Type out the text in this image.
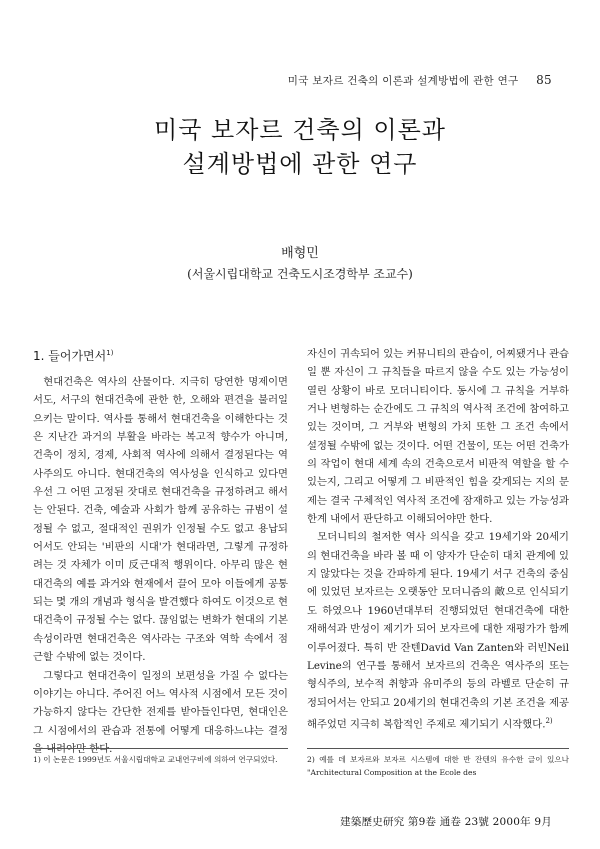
미국 보자르 건축의 이론과 설계방법에 관한 연구 85
미국 보자르 건축의 이론과
설계방법에 관한 연구
배형민
(서울시립대학교 건축도시조경학부 조교수)

1. 들어가면서$^{1)}$

현대건축은 역사의 산물이다. 지극히 당연한 명제이면서도, 서구의 현대건축에 관한 한, 오해와 편견을 불러일으키는 말이다. 역사를 통해서 현대건축을 이해한다는 것은 지난간 과거의 부활을 바라는 복고적 향수가 아니며, 건축이 정치, 경제, 사회적 역사에 의해서 결정된다는 역사주의도 아니다. 현대건축의 역사성을 인식하고 있다면 우선 그 어떤 고정된 잣대로 현대건축을 규정하려고 해서는 안된다. 건축, 예술과 사회가 함께 공유하는 규범이 설정될 수 없고, 절대적인 권위가 인정될 수도 없고 용납되어서도 안되는 '비판의 시대'가 현대라면, 그렇게 규정하려는 것 자체가 이미 反근대적 행위이다. 아무리 많은 현대건축의 예를 과거와 현재에서 끌어 모아 이들에게 공통되는 몇 개의 개념과 형식을 발견했다 하여도 이것으로 현대건축이 규정될 수는 없다. 끊임없는 변화가 현대의 기본 속성이라면 현대건축은 역사라는 구조와 역학 속에서 점근할 수밖에 없는 것이다.

그렇다고 현대건축이 일정의 보편성을 가질 수 없다는 이야기는 아니다. 주어진 어느 역사적 시점에서 모든 것이 가능하지 않다는 간단한 전제를 받아들인다면, 현대인은 그 시점에서의 관습과 전통에 어떻게 대응하느냐는 결정을 내려야만 한다.

자신이 귀속되어 있는 커뮤니티의 관습이, 어찌됐거나 관습일 뿐 자신이 그 규칙들을 따르지 않을 수도 있는 가능성이 열린 상황이 바로 모더니티이다. 동시에 그 규칙을 거부하거나 변형하는 순간에도 그 규칙의 역사적 조건에 참여하고 있는 것이며, 그 거부와 변형의 가치 또한 그 조건 속에서 설정될 수밖에 없는 것이다. 어떤 건물이, 또는 어떤 건축가의 작업이 현대 세계 속의 건축으로서 비판적 역할을 할 수 있는지, 그리고 어떻게 그 비판적인 힘을 갖게되는 지의 문제는 결국 구체적인 역사적 조건에 잠재하고 있는 가능성과 한계 내에서 판단하고 이해되어야만 한다.

모더니티의 철저한 역사 의식을 갖고 19세기와 20세기의 현대건축을 바라 볼 때 이 양자가 단순히 대치 관계에 있지 않았다는 것을 간파하게 된다. 19세기 서구 건축의 중심에 있었던 보자르는 오랫동안 모더니즘의 敵으로 인식되기도 하였으나 1960년대부터 진행되었던 현대건축에 대한 재해석과 반성이 제기가 되어 보자르에 대한 재평가가 함께 이루어졌다. 특히 반 잔텐David Van Zanten와 러빈Neil Levine의 연구를 통해서 보자르의 건축은 역사주의 또는 형식주의, 보수적 취향과 유미주의 등의 라벨로 단순히 규정되어서는 안되고 20세기의 현대건축의 기본 조건을 제공해주었던 지극히 복합적인 주제로 제기되기 시작했다.$^{2)}$

1) 이 논문은 1999년도 서울시립대학교 교내연구비에 의하여 연구되었다.	2) 예를 데 보자르와 보자르 시스템에 대한 반 잔텐의 유수한 글이 있으나 "Architectural Composition at the Ecole des
建築歷史研究 第9卷 通卷 23號 2000年 9月
